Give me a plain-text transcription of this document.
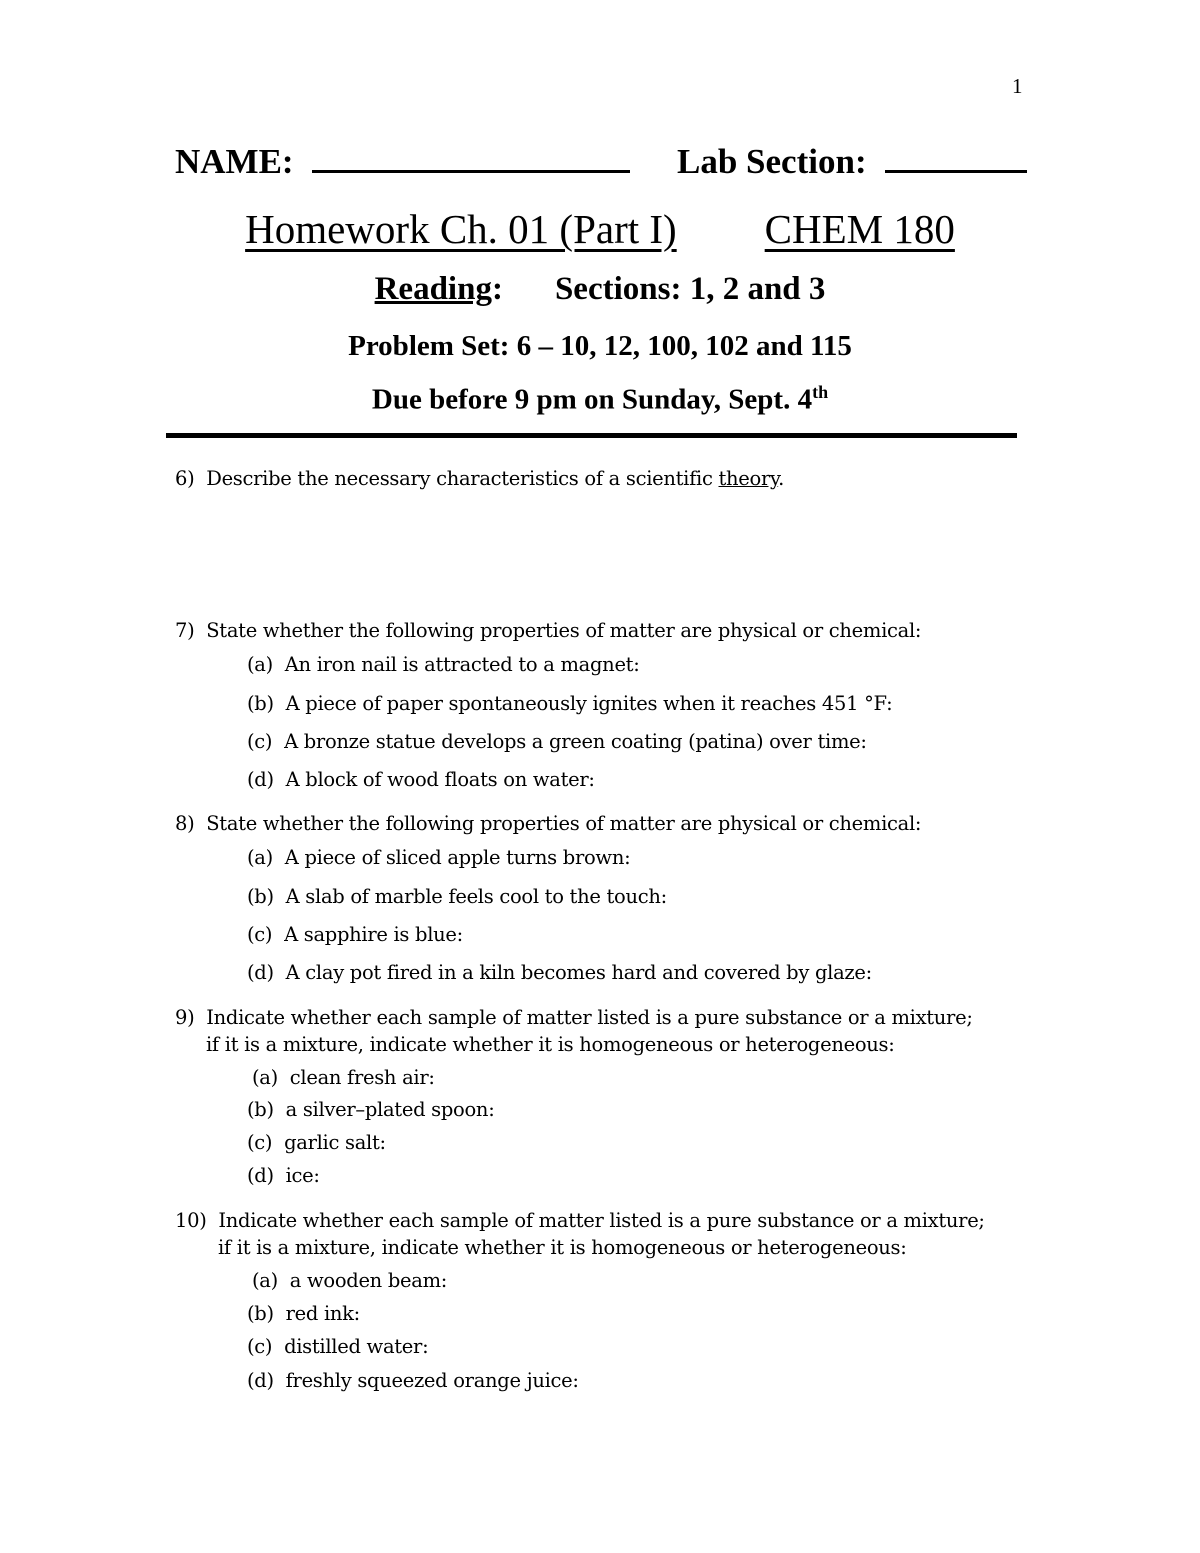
1
NAME:	Lab Section:
Homework Ch. 01 (Part I) CHEM 180
Reading: Sections: 1, 2 and 3
Problem Set: 6 – 10, 12, 100, 102 and 115
Due before 9 pm on Sunday, Sept. 4th
6) Describe the necessary characteristics of a scientific theory.
7) State whether the following properties of matter are physical or chemical:
(a) An iron nail is attracted to a magnet:
(b) A piece of paper spontaneously ignites when it reaches 451 °F:
(c) A bronze statue develops a green coating (patina) over time:
(d) A block of wood floats on water:
8) State whether the following properties of matter are physical or chemical:
(a) A piece of sliced apple turns brown:
(b) A slab of marble feels cool to the touch:
(c) A sapphire is blue:
(d) A clay pot fired in a kiln becomes hard and covered by glaze:
9) Indicate whether each sample of matter listed is a pure substance or a mixture;
if it is a mixture, indicate whether it is homogeneous or heterogeneous:
(a) clean fresh air:
(b) a silver–plated spoon:
(c) garlic salt:
(d) ice:
10) Indicate whether each sample of matter listed is a pure substance or a mixture;
if it is a mixture, indicate whether it is homogeneous or heterogeneous:
(a) a wooden beam:
(b) red ink:
(c) distilled water:
(d) freshly squeezed orange juice:
